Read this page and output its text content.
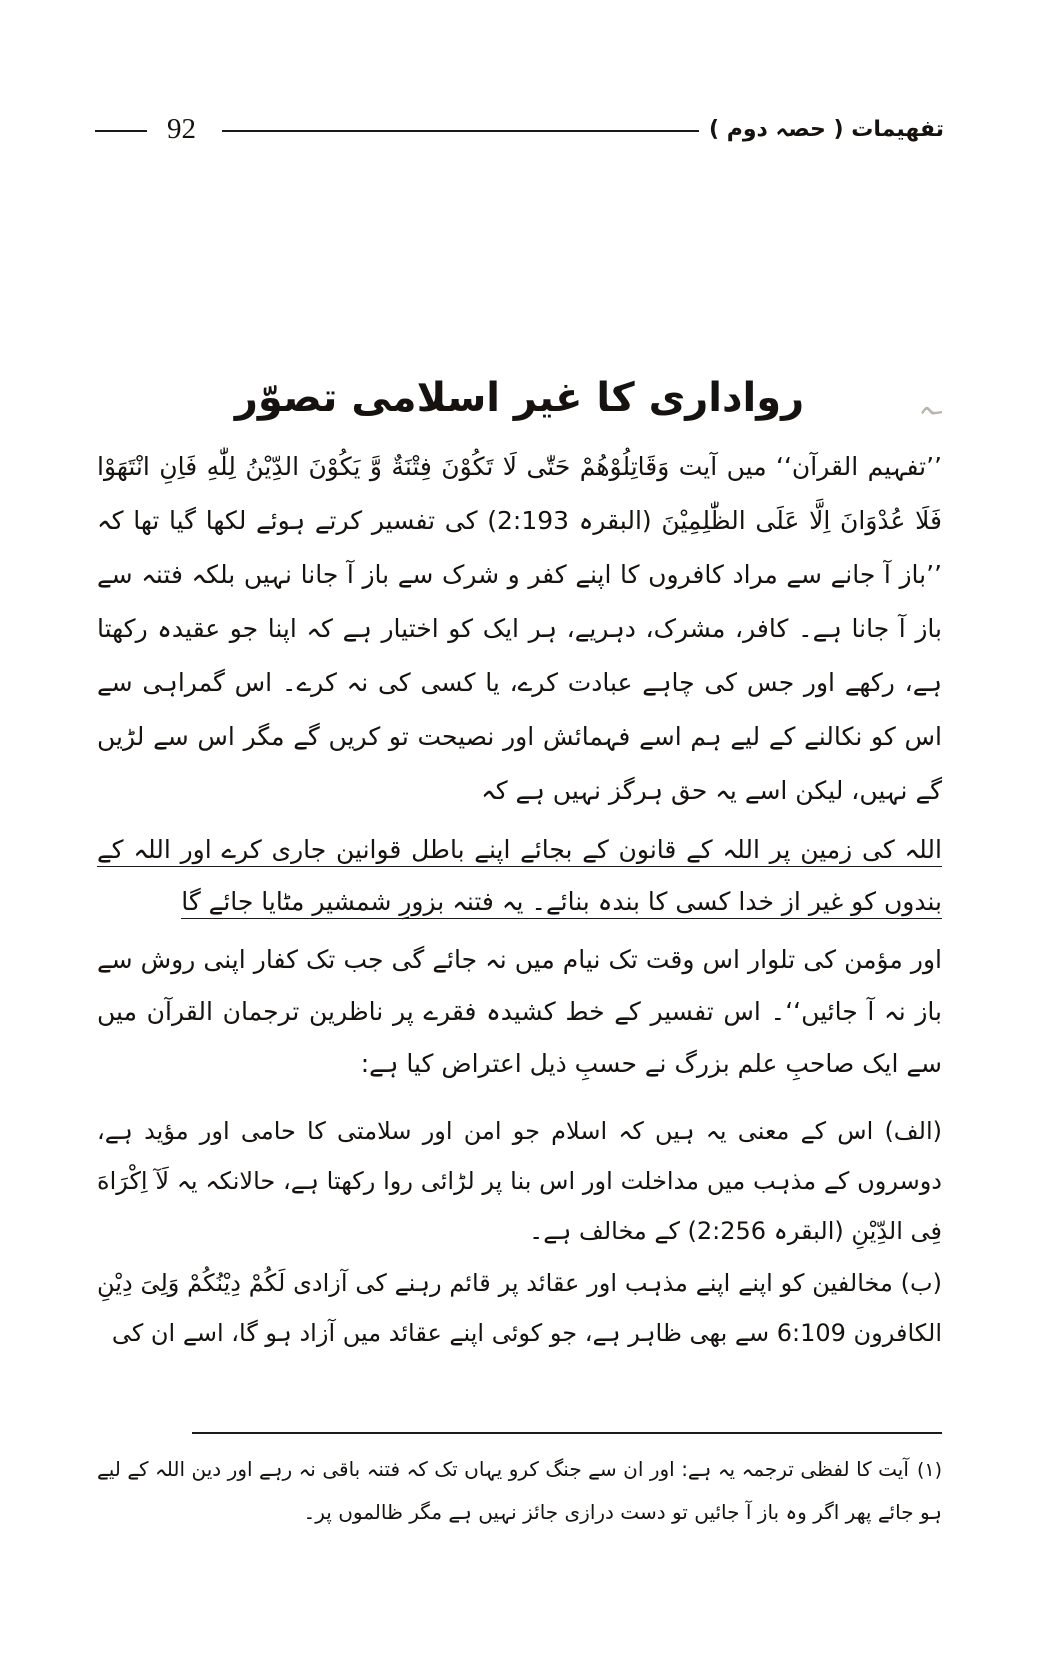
تفهیمات ( حصہ دوم )
92
ـہ
رواداری کا غیر اسلامی تصوّر

’’تفہیم القرآن‘‘ میں آیت وَقَاتِلُوْهُمْ حَتّٰى لَا تَكُوْنَ فِتْنَةٌ وَّ يَكُوْنَ الدِّيْنُ لِلّٰهِ فَاِنِ انْتَهَوْا فَلَا عُدْوَانَ اِلَّا عَلَى الظّٰلِمِيْنَ (البقرہ 2:193) کی تفسیر کرتے ہوئے لکھا گیا تھا کہ ’’باز آ جانے سے مراد کافروں کا اپنے کفر و شرک سے باز آ جانا نہیں بلکہ فتنہ سے باز آ جانا ہے۔ کافر، مشرک، دہریے، ہر ایک کو اختیار ہے کہ اپنا جو عقیدہ رکھتا ہے، رکھے اور جس کی چاہے عبادت کرے، یا کسی کی نہ کرے۔ اس گمراہی سے اس کو نکالنے کے لیے ہم اسے فہمائش اور نصیحت تو کریں گے مگر اس سے لڑیں گے نہیں، لیکن اسے یہ حق ہرگز نہیں ہے کہ

اللہ کی زمین پر اللہ کے قانون کے بجائے اپنے باطل قوانین جاری کرے اور اللہ کے بندوں کو غیر از خدا کسی کا بندہ بنائے۔ یہ فتنہ بزورِ شمشیر مٹایا جائے گا

اور مؤمن کی تلوار اس وقت تک نیام میں نہ جائے گی جب تک کفار اپنی روش سے باز نہ آ جائیں‘‘۔ اس تفسیر کے خط کشیدہ فقرے پر ناظرین ترجمان القرآن میں سے ایک صاحبِ علم بزرگ نے حسبِ ذیل اعتراض کیا ہے:

(الف) اس کے معنی یہ ہیں کہ اسلام جو امن اور سلامتی کا حامی اور مؤید ہے، دوسروں کے مذہب میں مداخلت اور اس بنا پر لڑائی روا رکھتا ہے، حالانکہ یہ لَآ اِكْرَاهَ فِى الدِّيْنِ (البقرہ 2:256) کے مخالف ہے۔

(ب) مخالفین کو اپنے اپنے مذہب اور عقائد پر قائم رہنے کی آزادی لَكُمْ دِيْنُكُمْ وَلِىَ دِيْنِ الکافرون 6:109 سے بھی ظاہر ہے، جو کوئی اپنے عقائد میں آزاد ہو گا، اسے ان کی

(١)آیت کا لفظی ترجمہ یہ ہے: اور ان سے جنگ کرو یہاں تک کہ فتنہ باقی نہ رہے اور دین اللہ کے لیے ہو جائے پھر اگر وہ باز آ جائیں تو دست درازی جائز نہیں ہے مگر ظالموں پر۔
